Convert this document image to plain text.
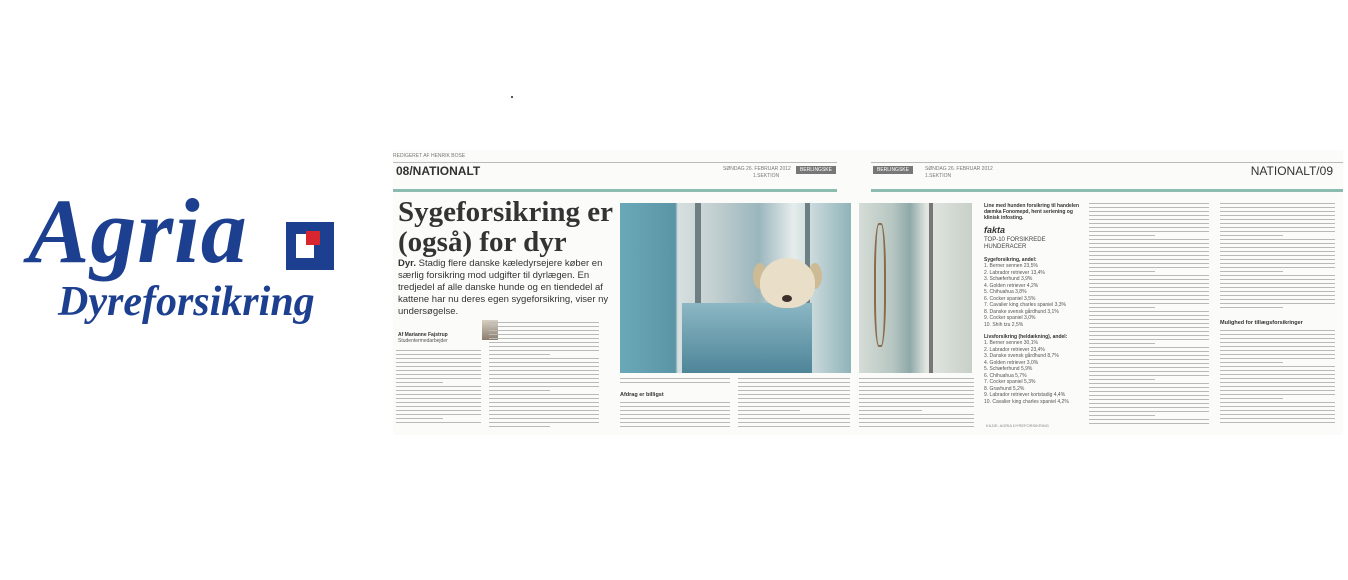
Agria
Dyreforsikring
REDIGERET AF HENRIK BOSE
08/NATIONALT	SØNDAG 26. FEBRUAR 2012
1.SEKTION
BERLINGSKE	BERLINGSKE	SØNDAG 26. FEBRUAR 2012
1.SEKTION	NATIONALT/09
Sygeforsikring er
(også) for dyr
Dyr. Stadig flere danske kæledyrsejere køber en særlig forsikring mod udgifter til dyrlægen. En tredjedel af alle danske hunde og en tiendedel af kattene har nu deres egen sygeforsikring, viser ny undersøgelse.
Af Marianne Fajstrup
Studentermedarbejder
Afdrag er billigst
Mulighed for tillægsforsikringer
Line med hunden forsikring til handelen dæmka Fonomepd, hent seriening og klinisk infosting.
fakta
TOP-10 FORSIKREDE HUNDERACER
Sygeforsikring, andel:
1. Berner sennen 23,5%
2. Labrador retriever 13,4%
3. Schæferhund 3,9%
4. Golden retriever 4,2%
5. Chihuahua 3,8%
6. Cocker spaniel 3,5%
7. Cavalier king charles spaniel 3,3%
8. Danske svensk gårdhund 3,1%
9. Cocker spaniel 3,0%
10. Shih tzu 2,5%
Livsforsikring (heldækning), andel:
1. Berner sennen 30,1%
2. Labrador retriever 23,4%
3. Danske svensk gårdhund 8,7%
4. Golden retriever 3,0%
5. Schæferhund 5,9%
6. Chihuahua 5,7%
7. Cocker spaniel 5,3%
8. Gravhund 5,2%
9. Labrador retriever kortstadig 4,4%
10. Cavalier king charles spaniel 4,2%
KILDE: AGRIA DYREFORSIKRING
